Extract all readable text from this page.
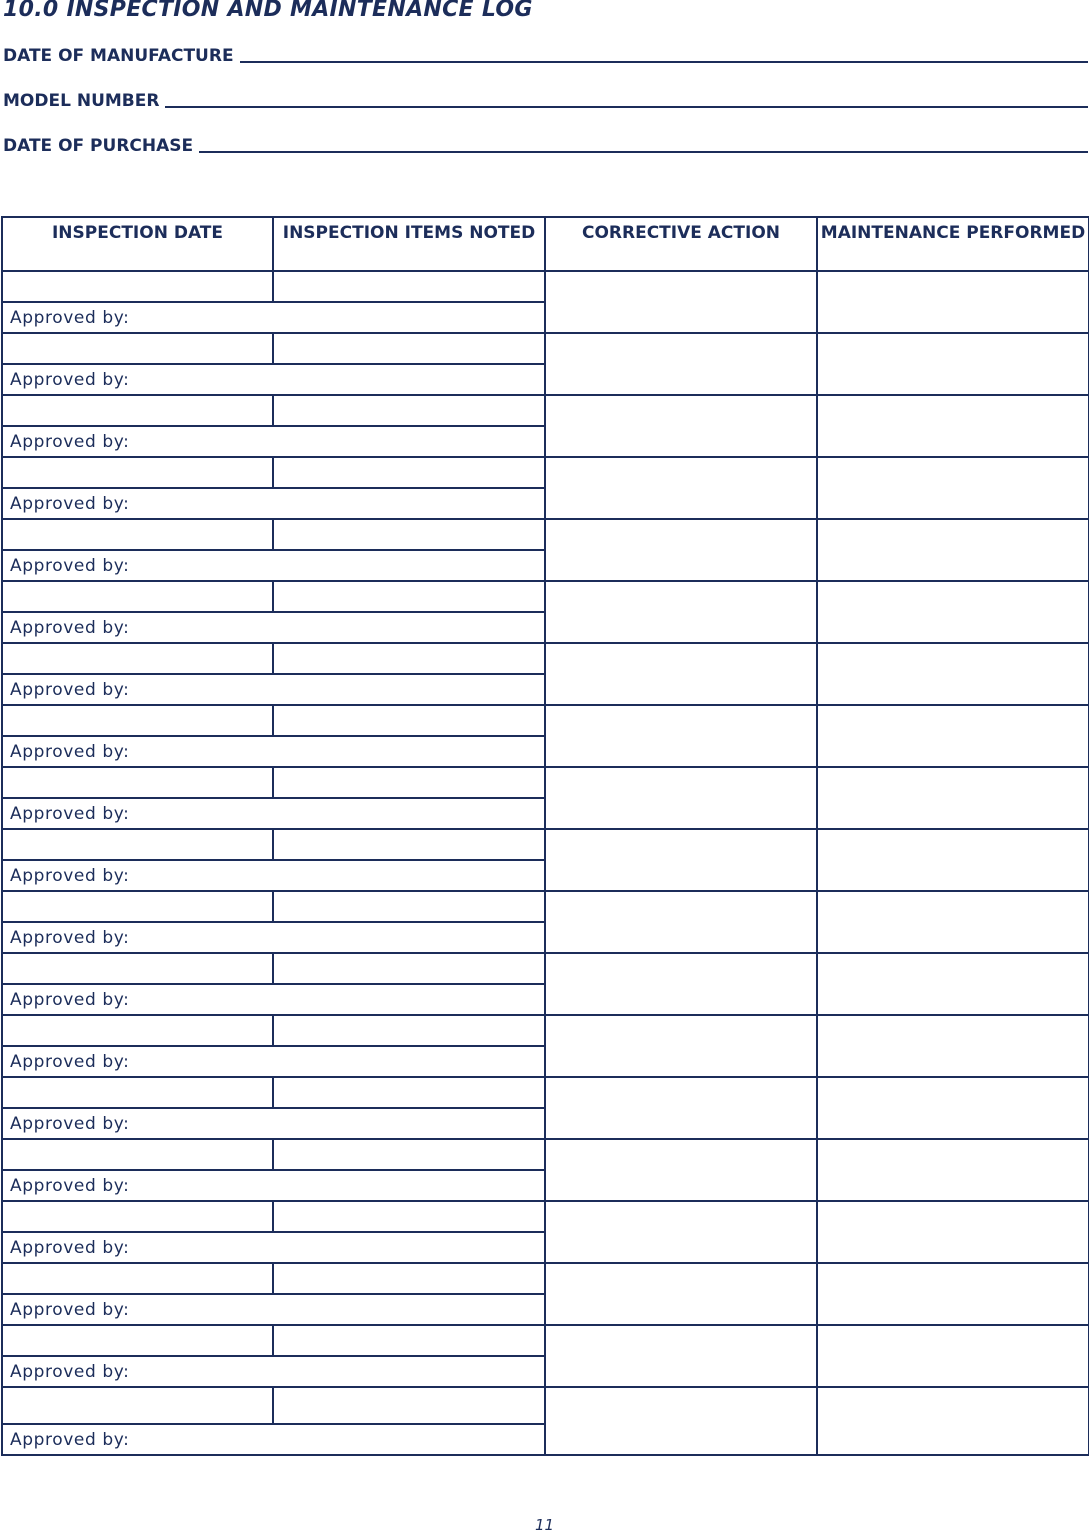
10.0 INSPECTION AND MAINTENANCE LOG
DATE OF MANUFACTURE
MODEL NUMBER
DATE OF PURCHASE
INSPECTION DATE	INSPECTION ITEMS NOTED	CORRECTIVE ACTION	MAINTENANCE PERFORMED

Approved by:			

Approved by:			

Approved by:			

Approved by:			

Approved by:			

Approved by:			

Approved by:			

Approved by:			

Approved by:			

Approved by:			

Approved by:			

Approved by:			

Approved by:			

Approved by:			

Approved by:			

Approved by:			

Approved by:			

Approved by:			

Approved by:			
11
